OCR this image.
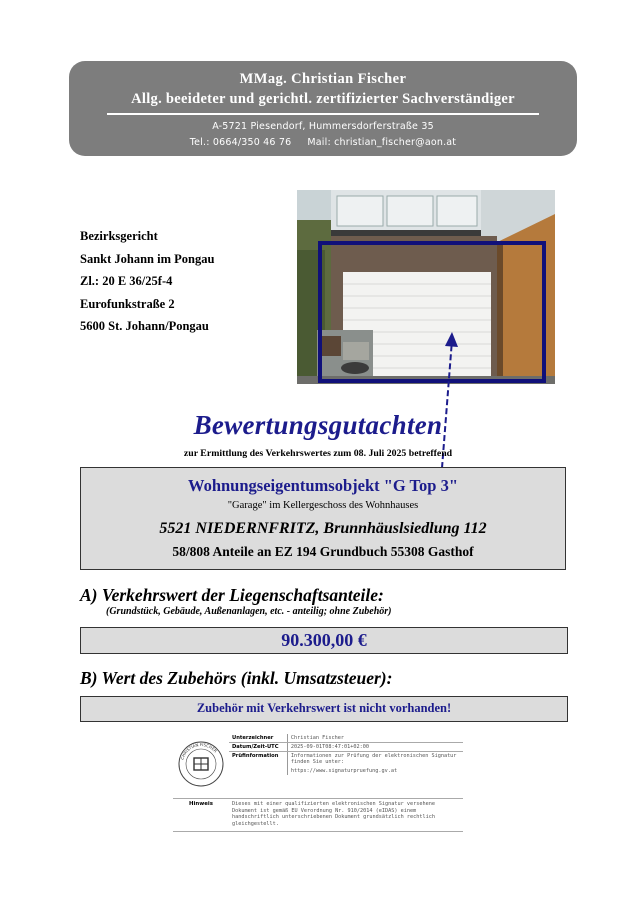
MMag. Christian Fischer
Allg. beeideter und gerichtl. zertifizierter Sachverständiger
A-5721 Piesendorf, Hummersdorferstraße 35
Tel.: 0664/350 46 76 Mail: christian_fischer@aon.at
Bezirksgericht
Sankt Johann im Pongau
Zl.: 20 E 36/25f-4
Eurofunkstraße 2
5600 St. Johann/Pongau
Bewertungsgutachten
zur Ermittlung des Verkehrswertes zum 08. Juli 2025 betreffend
Wohnungseigentumsobjekt "G Top 3"
"Garage" im Kellergeschoss des Wohnhauses
5521 NIEDERNFRITZ, Brunnhäuslsiedlung 112
58/808 Anteile an EZ 194 Grundbuch 55308 Gasthof
A) Verkehrswert der Liegenschaftsanteile:
(Grundstück, Gebäude, Außenanlagen, etc. - anteilig; ohne Zubehör)
90.300,00 €
B) Wert des Zubehörs (inkl. Umsatzsteuer):
Zubehör mit Verkehrswert ist nicht vorhanden!
CHRISTIAN FISCHER
Unterzeichner	Christian Fischer
Datum/Zeit-UTC	2025-09-01T08:47:01+02:00
Prüfinformation	Informationen zur Prüfung der elektronischen Signatur finden Sie unter:
https://www.signaturpruefung.gv.at
Hinweis	Dieses mit einer qualifizierten elektronischen Signatur versehene Dokument ist gemäß EU Verordnung Nr. 910/2014 (eIDAS) einem handschriftlich unterschriebenen Dokument grundsätzlich rechtlich gleichgestellt.
